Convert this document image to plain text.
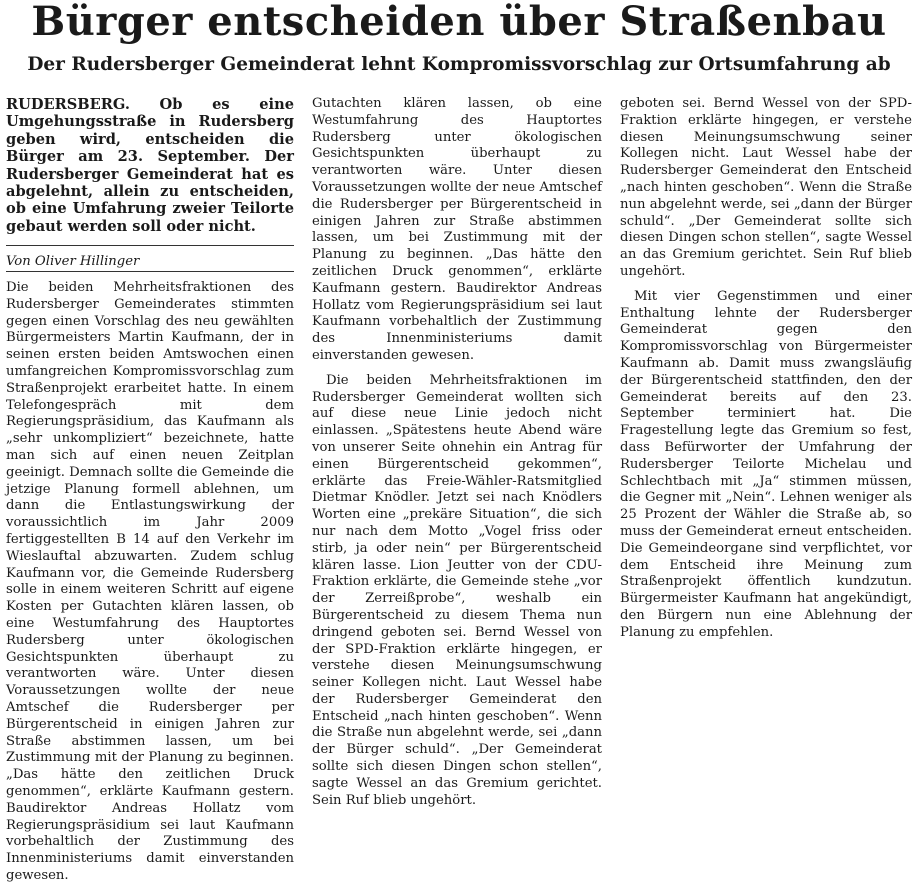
Bürger entscheiden über Straßenbau
Der Rudersberger Gemeinderat lehnt Kompromissvorschlag zur Ortsumfahrung ab

RUDERSBERG. Ob es eine Umgehungsstraße in Rudersberg geben wird, entscheiden die Bürger am 23. September. Der Rudersberger Gemeinderat hat es abgelehnt, allein zu entscheiden, ob eine Umfahrung zweier Teilorte gebaut werden soll oder nicht.

Von Oliver Hillinger

Die beiden Mehrheitsfraktionen des Rudersberger Gemeinderates stimmten gegen einen Vorschlag des neu gewählten Bürgermeisters Martin Kaufmann, der in seinen ersten beiden Amtswochen einen umfangreichen Kompromissvorschlag zum Straßenprojekt erarbeitet hatte. In einem Telefongespräch mit dem Regierungspräsidium, das Kaufmann als „sehr unkompliziert“ bezeichnete, hatte man sich auf einen neuen Zeitplan geeinigt. Demnach sollte die Gemeinde die jetzige Planung formell ablehnen, um dann die Entlastungswirkung der voraussichtlich im Jahr 2009 fertiggestellten B 14 auf den Verkehr im Wieslauftal abzuwarten. Zudem schlug Kaufmann vor, die Gemeinde Rudersberg solle in einem weiteren Schritt auf eigene Kosten per Gutachten klären lassen, ob eine Westumfahrung des Hauptortes Rudersberg unter ökologischen Gesichtspunkten überhaupt zu verantworten wäre. Unter diesen Voraussetzungen wollte der neue Amtschef die Rudersberger per Bürgerentscheid in einigen Jahren zur Straße abstimmen lassen, um bei Zustimmung mit der Planung zu beginnen. „Das hätte den zeitlichen Druck genommen“, erklärte Kaufmann gestern. Baudirektor Andreas Hollatz vom Regierungspräsidium sei laut Kaufmann vorbehaltlich der Zustimmung des Innenministeriums damit einverstanden gewesen.

Gutachten klären lassen, ob eine Westumfahrung des Hauptortes Rudersberg unter ökologischen Gesichtspunkten überhaupt zu verantworten wäre. Unter diesen Voraussetzungen wollte der neue Amtschef die Rudersberger per Bürgerentscheid in einigen Jahren zur Straße abstimmen lassen, um bei Zustimmung mit der Planung zu beginnen. „Das hätte den zeitlichen Druck genommen“, erklärte Kaufmann gestern. Baudirektor Andreas Hollatz vom Regierungspräsidium sei laut Kaufmann vorbehaltlich der Zustimmung des Innenministeriums damit einverstanden gewesen.

Die beiden Mehrheitsfraktionen im Rudersberger Gemeinderat wollten sich auf diese neue Linie jedoch nicht einlassen. „Spätestens heute Abend wäre von unserer Seite ohnehin ein Antrag für einen Bürgerentscheid gekommen“, erklärte das Freie-Wähler-Ratsmitglied Dietmar Knödler. Jetzt sei nach Knödlers Worten eine „prekäre Situation“, die sich nur nach dem Motto „Vogel friss oder stirb, ja oder nein“ per Bürgerentscheid klären lasse. Lion Jeutter von der CDU-Fraktion erklärte, die Gemeinde stehe „vor der Zerreißprobe“, weshalb ein Bürgerentscheid zu diesem Thema nun dringend geboten sei. Bernd Wessel von der SPD-Fraktion erklärte hingegen, er verstehe diesen Meinungsumschwung seiner Kollegen nicht. Laut Wessel habe der Rudersberger Gemeinderat den Entscheid „nach hinten geschoben“. Wenn die Straße nun abgelehnt werde, sei „dann der Bürger schuld“. „Der Gemeinderat sollte sich diesen Dingen schon stellen“, sagte Wessel an das Gremium gerichtet. Sein Ruf blieb ungehört.

geboten sei. Bernd Wessel von der SPD-Fraktion erklärte hingegen, er verstehe diesen Meinungsumschwung seiner Kollegen nicht. Laut Wessel habe der Rudersberger Gemeinderat den Entscheid „nach hinten geschoben“. Wenn die Straße nun abgelehnt werde, sei „dann der Bürger schuld“. „Der Gemeinderat sollte sich diesen Dingen schon stellen“, sagte Wessel an das Gremium gerichtet. Sein Ruf blieb ungehört.

Mit vier Gegenstimmen und einer Enthaltung lehnte der Rudersberger Gemeinderat gegen den Kompromissvorschlag von Bürgermeister Kaufmann ab. Damit muss zwangsläufig der Bürgerentscheid stattfinden, den der Gemeinderat bereits auf den 23. September terminiert hat. Die Fragestellung legte das Gremium so fest, dass Befürworter der Umfahrung der Rudersberger Teilorte Michelau und Schlechtbach mit „Ja“ stimmen müssen, die Gegner mit „Nein“. Lehnen weniger als 25 Prozent der Wähler die Straße ab, so muss der Gemeinderat erneut entscheiden. Die Gemeindeorgane sind verpflichtet, vor dem Entscheid ihre Meinung zum Straßenprojekt öffentlich kundzutun. Bürgermeister Kaufmann hat angekündigt, den Bürgern nun eine Ablehnung der Planung zu empfehlen.
